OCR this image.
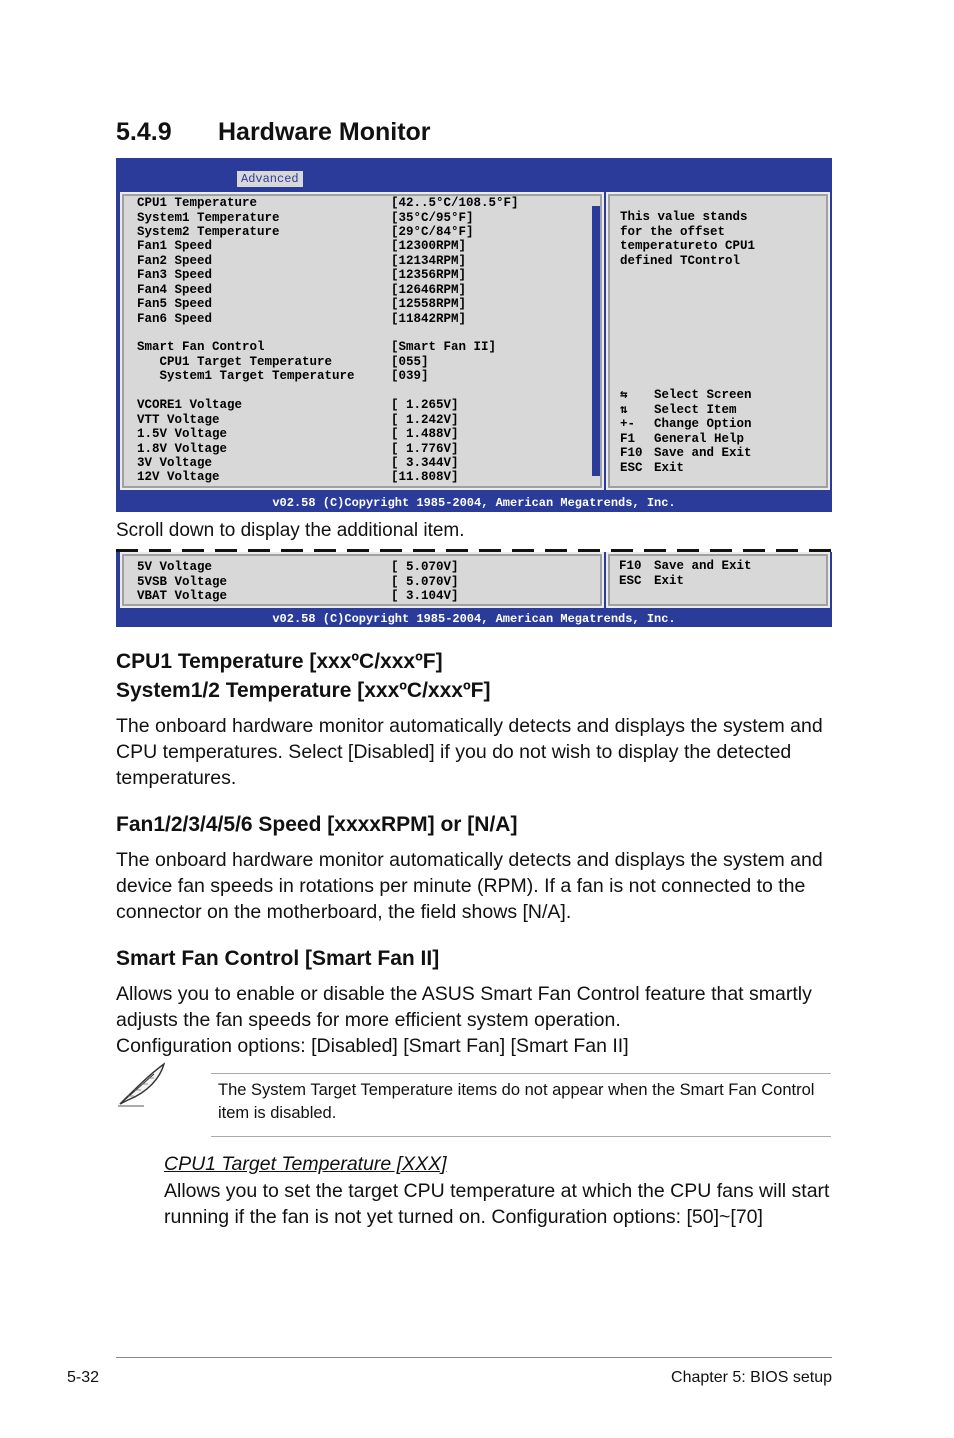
5.4.9 Hardware Monitor
Advanced
CPU1 Temperature	[42..5°C/108.5°F]
System1 Temperature	[35°C/95°F]
System2 Temperature	[29°C/84°F]
Fan1 Speed	[12300RPM]
Fan2 Speed	[12134RPM]
Fan3 Speed	[12356RPM]
Fan4 Speed	[12646RPM]
Fan5 Speed	[12558RPM]
Fan6 Speed	[11842RPM]
Smart Fan Control	[Smart Fan II]
CPU1 Target Temperature	[055]
System1 Target Temperature	[039]
VCORE1 Voltage	[ 1.265V]
VTT Voltage	[ 1.242V]
1.5V Voltage	[ 1.488V]
1.8V Voltage	[ 1.776V]
3V Voltage	[ 3.344V]
12V Voltage	[11.808V]
This value stands
for the offset
temperatureto CPU1
defined TControl
⇆ Select Screen
⇅ Select Item
+- Change Option
F1 General Help
F10 Save and Exit
ESC Exit
v02.58 (C)Copyright 1985-2004, American Megatrends, Inc.
Scroll down to display the additional item.
5V Voltage	[ 5.070V]
5VSB Voltage	[ 5.070V]
VBAT Voltage	[ 3.104V]
F10 Save and Exit
ESC Exit
v02.58 (C)Copyright 1985-2004, American Megatrends, Inc.
CPU1 Temperature [xxxºC/xxxºF]
System1/2 Temperature [xxxºC/xxxºF]
The onboard hardware monitor automatically detects and displays the system and CPU temperatures. Select [Disabled] if you do not wish to display the detected temperatures.
Fan1/2/3/4/5/6 Speed [xxxxRPM] or [N/A]
The onboard hardware monitor automatically detects and displays the system and device fan speeds in rotations per minute (RPM). If a fan is not connected to the connector on the motherboard, the field shows [N/A].
Smart Fan Control [Smart Fan II]
Allows you to enable or disable the ASUS Smart Fan Control feature that smartly adjusts the fan speeds for more efficient system operation.
Configuration options: [Disabled] [Smart Fan] [Smart Fan II]
The System Target Temperature items do not appear when the Smart Fan Control item is disabled.
CPU1 Target Temperature [XXX]
Allows you to set the target CPU temperature at which the CPU fans will start running if the fan is not yet turned on. Configuration options: [50]~[70]
5-32	Chapter 5: BIOS setup
